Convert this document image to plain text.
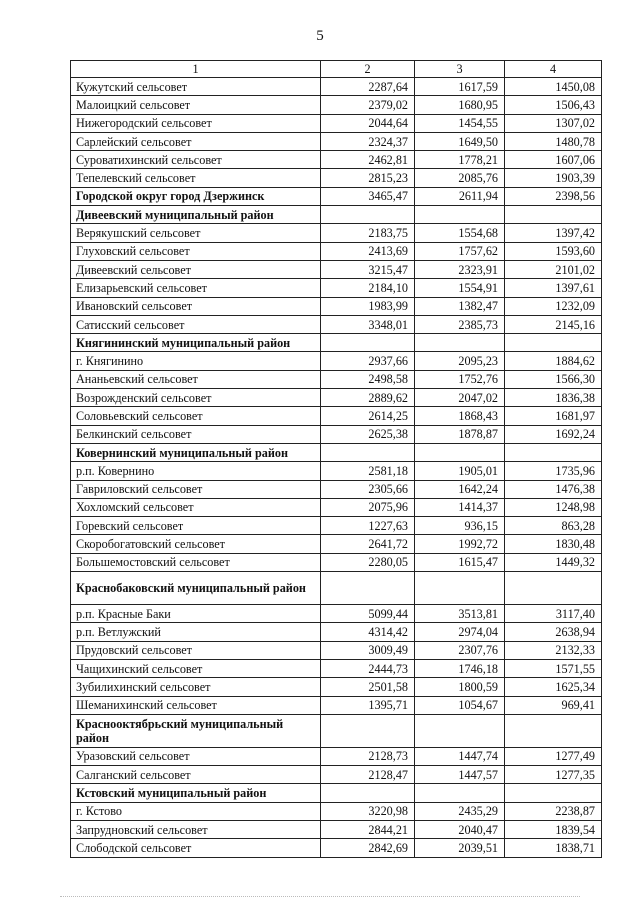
5
1	2	3	4
Кужутский сельсовет	2287,64	1617,59	1450,08
Малоицкий сельсовет	2379,02	1680,95	1506,43
Нижегородский сельсовет	2044,64	1454,55	1307,02
Сарлейский сельсовет	2324,37	1649,50	1480,78
Суроватихинский сельсовет	2462,81	1778,21	1607,06
Тепелевский сельсовет	2815,23	2085,76	1903,39
Городской округ город Дзержинск	3465,47	2611,94	2398,56
Дивеевский муниципальный район			
Верякушский сельсовет	2183,75	1554,68	1397,42
Глуховский сельсовет	2413,69	1757,62	1593,60
Дивеевский сельсовет	3215,47	2323,91	2101,02
Елизарьевский сельсовет	2184,10	1554,91	1397,61
Ивановский сельсовет	1983,99	1382,47	1232,09
Сатисский сельсовет	3348,01	2385,73	2145,16
Княгининский муниципальный район			
г. Княгинино	2937,66	2095,23	1884,62
Ананьевский сельсовет	2498,58	1752,76	1566,30
Возрожденский сельсовет	2889,62	2047,02	1836,38
Соловьевский сельсовет	2614,25	1868,43	1681,97
Белкинский сельсовет	2625,38	1878,87	1692,24
Ковернинский муниципальный район			
р.п. Ковернино	2581,18	1905,01	1735,96
Гавриловский сельсовет	2305,66	1642,24	1476,38
Хохломский сельсовет	2075,96	1414,37	1248,98
Горевский сельсовет	1227,63	936,15	863,28
Скоробогатовский сельсовет	2641,72	1992,72	1830,48
Большемостовский сельсовет	2280,05	1615,47	1449,32
Краснобаковский муниципальный район			
р.п. Красные Баки	5099,44	3513,81	3117,40
р.п. Ветлужский	4314,42	2974,04	2638,94
Прудовский сельсовет	3009,49	2307,76	2132,33
Чащихинский сельсовет	2444,73	1746,18	1571,55
Зубилихинский сельсовет	2501,58	1800,59	1625,34
Шеманихинский сельсовет	1395,71	1054,67	969,41
Краснооктябрьский муниципальный район			
Уразовский сельсовет	2128,73	1447,74	1277,49
Салганский сельсовет	2128,47	1447,57	1277,35
Кстовский муниципальный район			
г. Кстово	3220,98	2435,29	2238,87
Запрудновский сельсовет	2844,21	2040,47	1839,54
Слободской сельсовет	2842,69	2039,51	1838,71
